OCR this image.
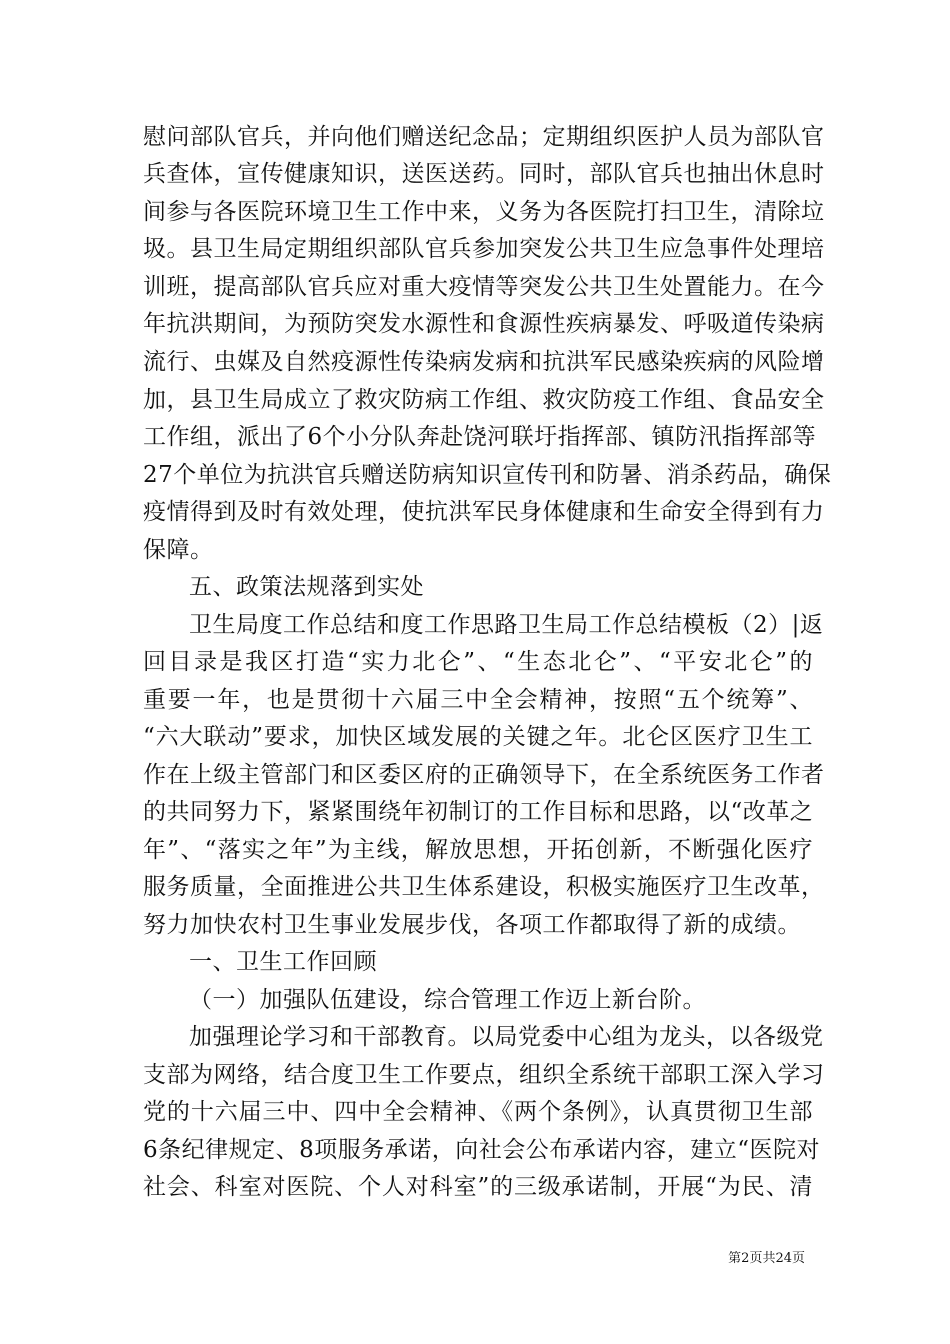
慰问部队官兵，并向他们赠送纪念品；定期组织医护人员为部队官
兵查体，宣传健康知识，送医送药。同时，部队官兵也抽出休息时
间参与各医院环境卫生工作中来，义务为各医院打扫卫生，清除垃
圾。县卫生局定期组织部队官兵参加突发公共卫生应急事件处理培
训班，提高部队官兵应对重大疫情等突发公共卫生处置能力。在今
年抗洪期间，为预防突发水源性和食源性疾病暴发、呼吸道传染病
流行、虫媒及自然疫源性传染病发病和抗洪军民感染疾病的风险增
加，县卫生局成立了救灾防病工作组、救灾防疫工作组、食品安全
工作组，派出了6个小分队奔赴饶河联圩指挥部、镇防汛指挥部等
27个单位为抗洪官兵赠送防病知识宣传刊和防暑、消杀药品，确保
疫情得到及时有效处理，使抗洪军民身体健康和生命安全得到有力
保障。
五、政策法规落到实处
卫生局度工作总结和度工作思路卫生局工作总结模板（2）|返
回目录是我区打造“实力北仑”、“生态北仑”、“平安北仑”的
重要一年，也是贯彻十六届三中全会精神，按照“五个统筹”、
“六大联动”要求，加快区域发展的关键之年。北仑区医疗卫生工
作在上级主管部门和区委区府的正确领导下，在全系统医务工作者
的共同努力下，紧紧围绕年初制订的工作目标和思路，以“改革之
年”、“落实之年”为主线，解放思想，开拓创新，不断强化医疗
服务质量，全面推进公共卫生体系建设，积极实施医疗卫生改革，
努力加快农村卫生事业发展步伐，各项工作都取得了新的成绩。
一、卫生工作回顾
（一）加强队伍建设，综合管理工作迈上新台阶。
加强理论学习和干部教育。以局党委中心组为龙头，以各级党
支部为网络，结合度卫生工作要点，组织全系统干部职工深入学习
党的十六届三中、四中全会精神、《两个条例》，认真贯彻卫生部
6条纪律规定、8项服务承诺，向社会公布承诺内容，建立“医院对
社会、科室对医院、个人对科室”的三级承诺制，开展“为民、清
第2页共24页
